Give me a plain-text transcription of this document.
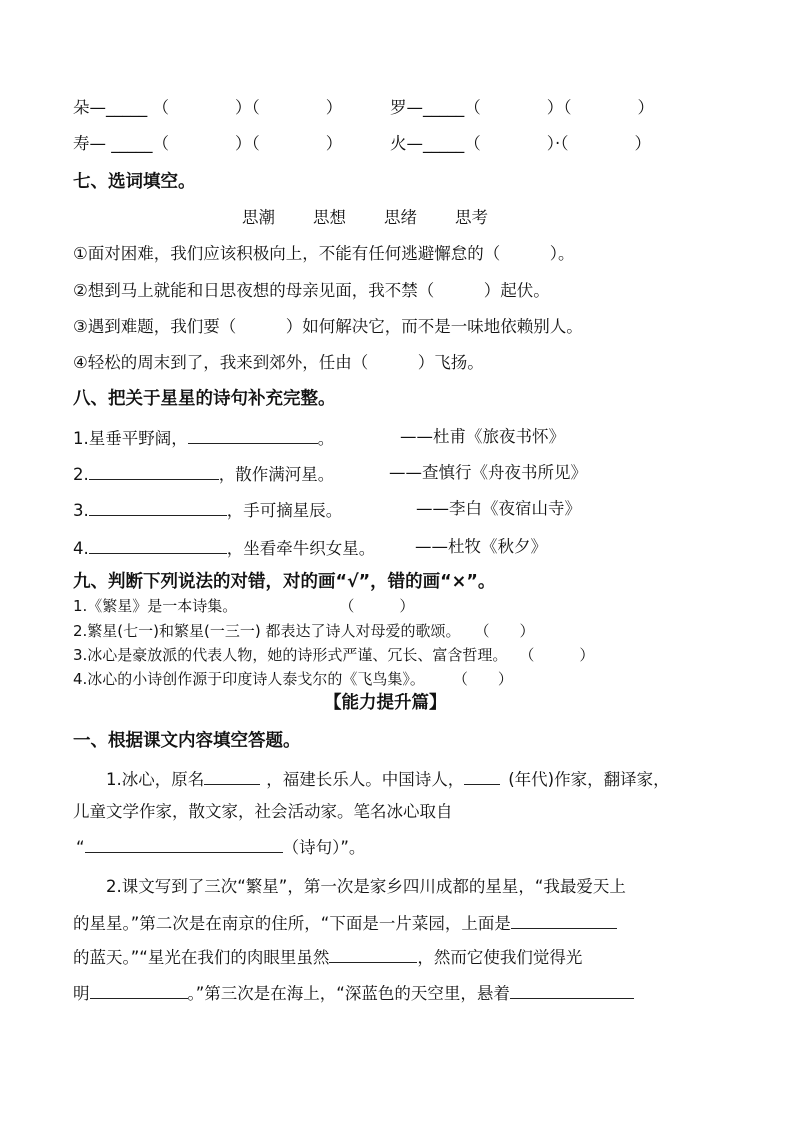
朵—_____ （　　　　）（　　　　）	罗—_____（　　　　）（　　　　）
寿— _____（　　　　）（　　　　）	火—_____（　　　　）·（　　　　）
七、选词填空。
思潮 思想 思绪 思考
①面对困难，我们应该积极向上，不能有任何逃避懈怠的（　　　）。
②想到马上就能和日思夜想的母亲见面，我不禁（　　　）起伏。
③遇到难题，我们要（　　　）如何解决它，而不是一味地依赖别人。
④轻松的周末到了，我来到郊外，任由（　　　）飞扬。
八、把关于星星的诗句补充完整。
1.星垂平野阔，	。	——杜甫《旅夜书怀》
2.	，散作满河星。	——查慎行《舟夜书所见》
3.	，手可摘星辰。	——李白《夜宿山寺》
4.	，坐看牵牛织女星。 ——杜牧《秋夕》
九、判断下列说法的对错，对的画“√”，错的画“×”。
1.《繁星》是一本诗集。	（　　　）
2.繁星(七一)和繁星(一三一) 都表达了诗人对母爱的歌颂。 （　　）
3.冰心是豪放派的代表人物，她的诗形式严谨、冗长、富含哲理。 （　　　）
4.冰心的小诗创作源于印度诗人泰戈尔的《飞鸟集》。 （　　）
【能力提升篇】
一、根据课文内容填空答题。
1.冰心，原名	，福建长乐人。中国诗人，	(年代)作家，翻译家，
儿童文学作家，散文家，社会活动家。笔名冰心取自
“	（诗句）”。
2.课文写到了三次“繁星”，第一次是家乡四川成都的星星，“我最爱天上
的星星。”第二次是在南京的住所，“下面是一片菜园，上面是
的蓝天。”“星光在我们的肉眼里虽然	，然而它使我们觉得光
明	。”第三次是在海上，“深蓝色的天空里，悬着
